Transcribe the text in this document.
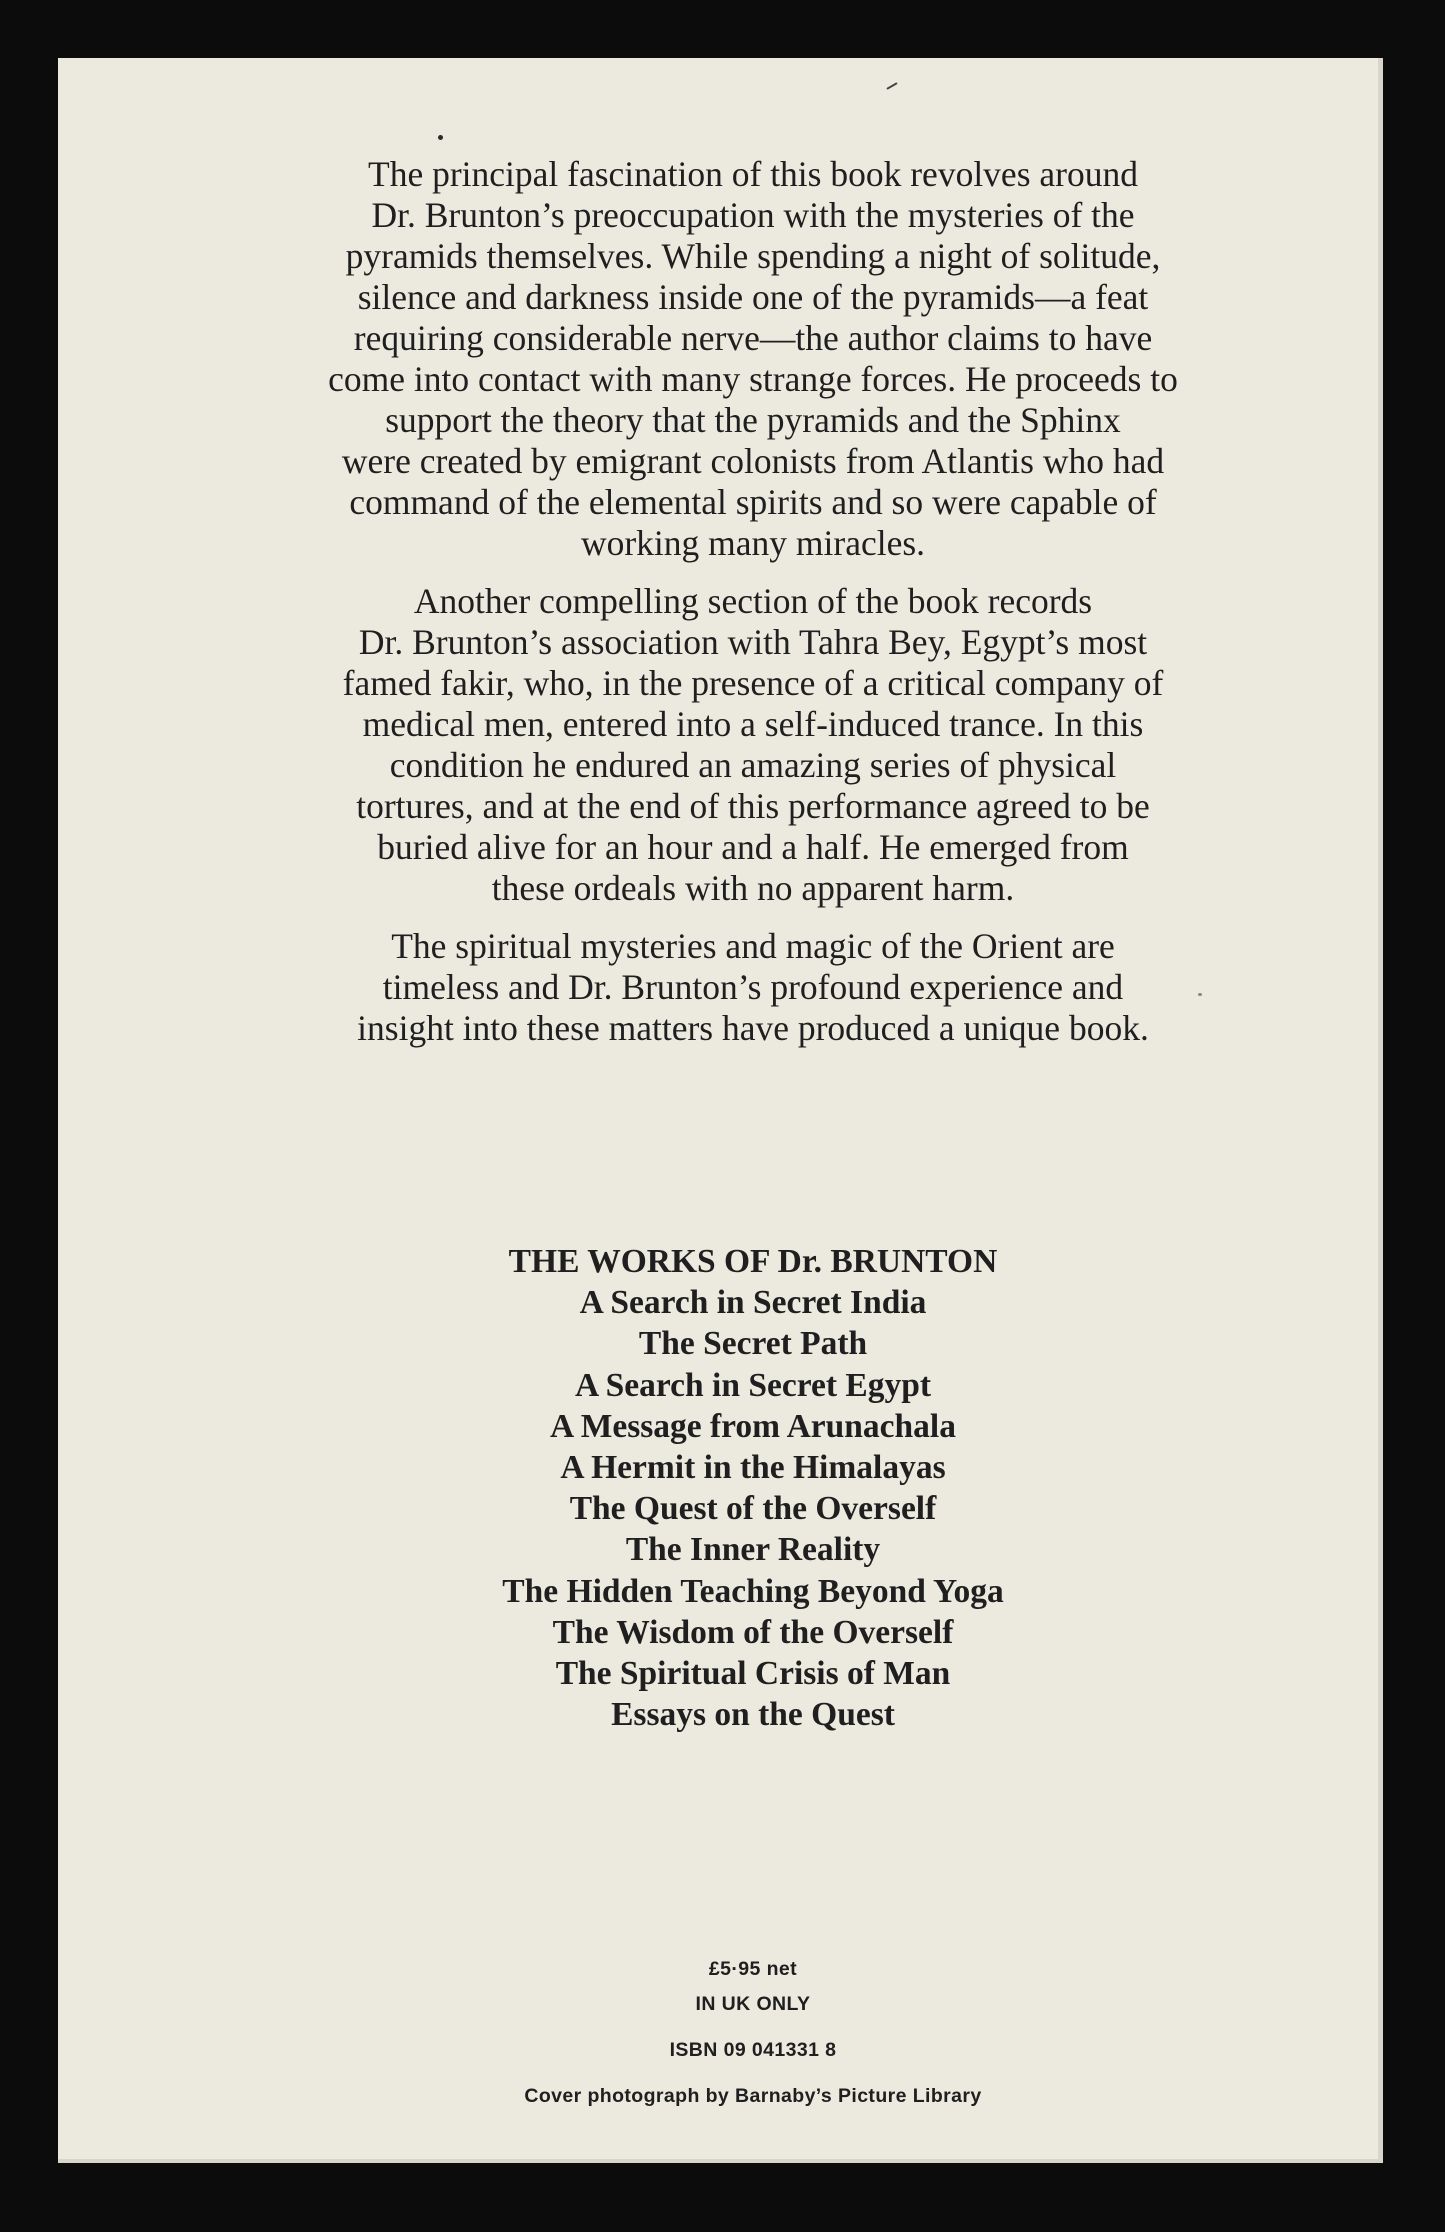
The principal fascination of this book revolves around
Dr. Brunton’s preoccupation with the mysteries of the
pyramids themselves. While spending a night of solitude,
silence and darkness inside one of the pyramids—a feat
requiring considerable nerve—the author claims to have
come into contact with many strange forces. He proceeds to
support the theory that the pyramids and the Sphinx
were created by emigrant colonists from Atlantis who had
command of the elemental spirits and so were capable of
working many miracles.

Another compelling section of the book records
Dr. Brunton’s association with Tahra Bey, Egypt’s most
famed fakir, who, in the presence of a critical company of
medical men, entered into a self-induced trance. In this
condition he endured an amazing series of physical
tortures, and at the end of this performance agreed to be
buried alive for an hour and a half. He emerged from
these ordeals with no apparent harm.

The spiritual mysteries and magic of the Orient are
timeless and Dr. Brunton’s profound experience and
insight into these matters have produced a unique book.

THE WORKS OF Dr. BRUNTON
A Search in Secret India
The Secret Path
A Search in Secret Egypt
A Message from Arunachala
A Hermit in the Himalayas
The Quest of the Overself
The Inner Reality
The Hidden Teaching Beyond Yoga
The Wisdom of the Overself
The Spiritual Crisis of Man
Essays on the Quest
£5·95 net
IN UK ONLY
ISBN 09 041331 8
Cover photograph by Barnaby’s Picture Library
